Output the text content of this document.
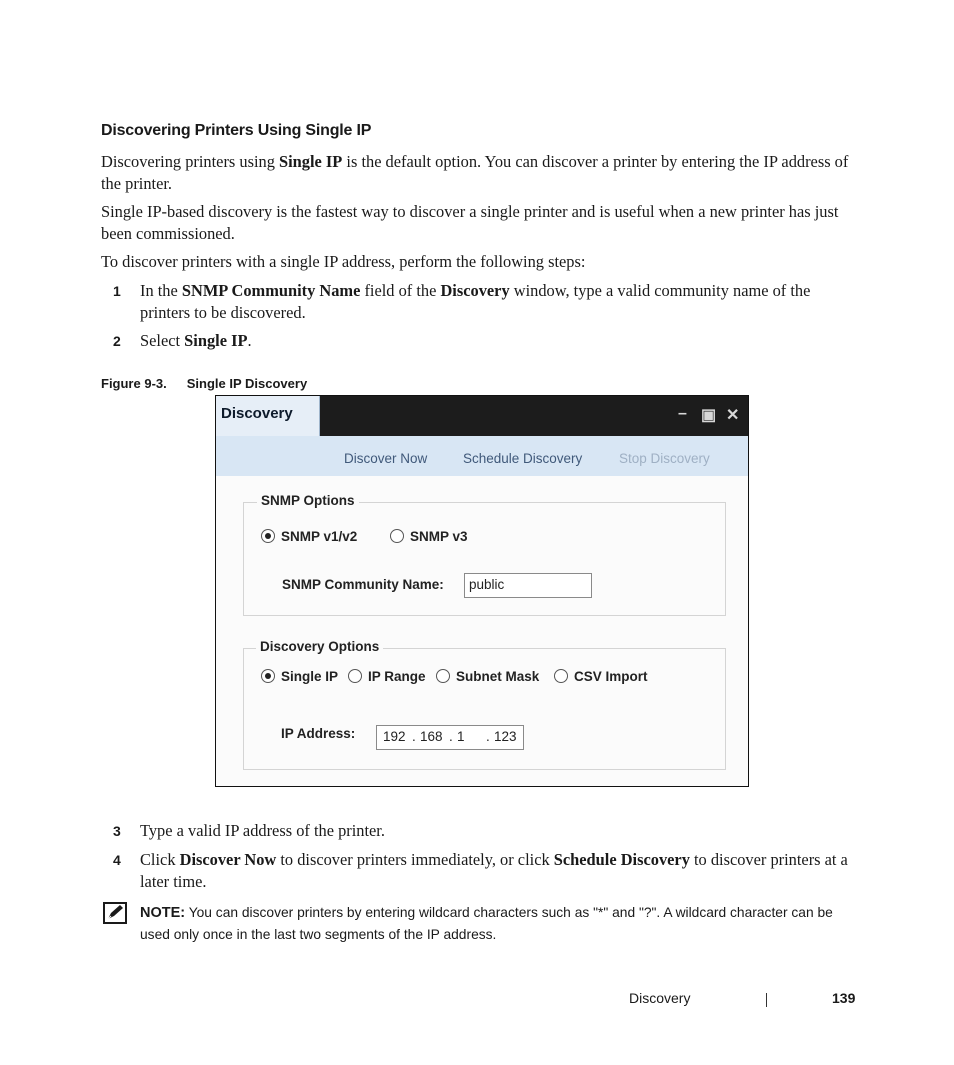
Discovering Printers Using Single IP
Discovering printers using Single IP is the default option. You can discover a printer by entering the IP address of the printer.
Single IP-based discovery is the fastest way to discover a single printer and is useful when a new printer has just been commissioned.
To discover printers with a single IP address, perform the following steps:
1 In the SNMP Community Name field of the Discovery window, type a valid community name of the printers to be discovered.
2 Select Single IP.
Figure 9-3. Single IP Discovery
– ▣ ✕
Discovery
Discover Now	Schedule Discovery	Stop Discovery
SNMP Options
SNMP v1/v2	SNMP v3
SNMP Community Name:	public
Discovery Options
Single IP	IP Range	Subnet Mask	CSV Import
IP Address: 192 . 168 . 1 . 123
3 Type a valid IP address of the printer.
4 Click Discover Now to discover printers immediately, or click Schedule Discovery to discover printers at a later time.
NOTE: You can discover printers by entering wildcard characters such as "*" and "?". A wildcard character can be used only once in the last two segments of the IP address.
Discovery	139
